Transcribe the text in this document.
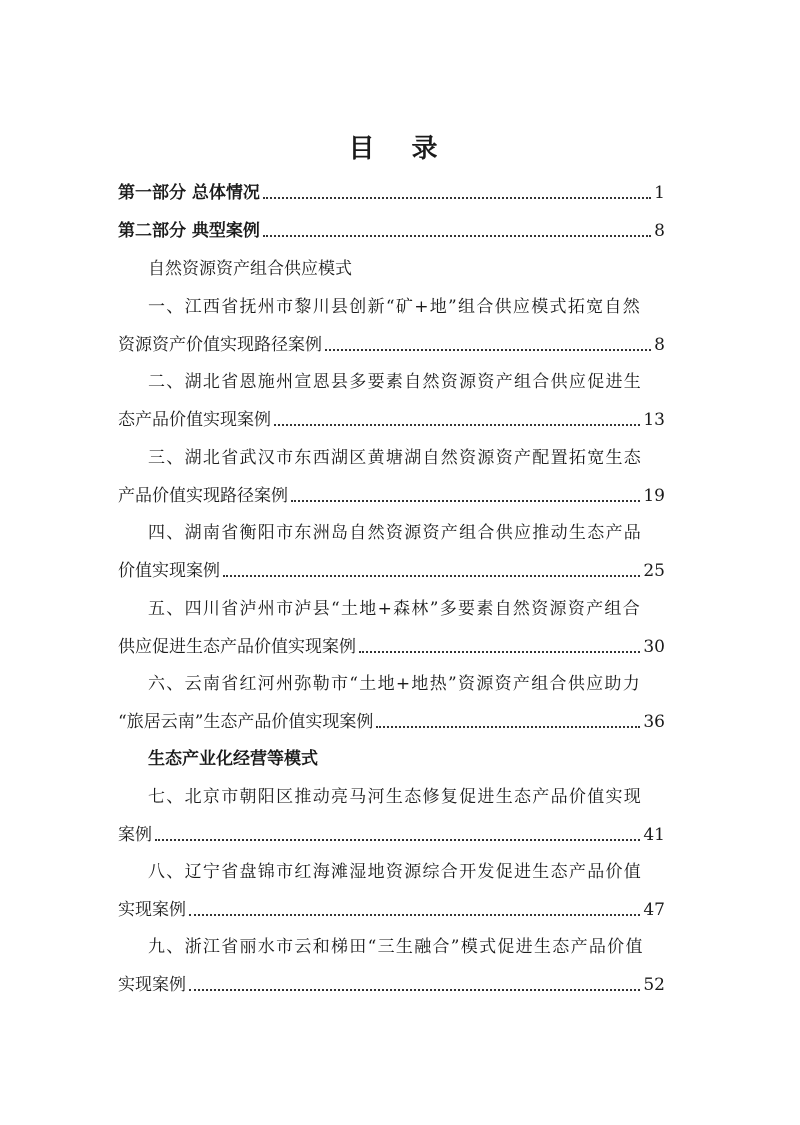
目 录
第一部分 总体情况	1
第二部分 典型案例	8
自然资源资产组合供应模式
一、江西省抚州市黎川县创新“矿+地”组合供应模式拓宽自然
资源资产价值实现路径案例	8
二、湖北省恩施州宣恩县多要素自然资源资产组合供应促进生
态产品价值实现案例	13
三、湖北省武汉市东西湖区黄塘湖自然资源资产配置拓宽生态
产品价值实现路径案例	19
四、湖南省衡阳市东洲岛自然资源资产组合供应推动生态产品
价值实现案例	25
五、四川省泸州市泸县“土地+森林”多要素自然资源资产组合
供应促进生态产品价值实现案例	30
六、云南省红河州弥勒市“土地+地热”资源资产组合供应助力
“旅居云南”生态产品价值实现案例	36
生态产业化经营等模式
七、北京市朝阳区推动亮马河生态修复促进生态产品价值实现
案例	41
八、辽宁省盘锦市红海滩湿地资源综合开发促进生态产品价值
实现案例	47
九、浙江省丽水市云和梯田“三生融合”模式促进生态产品价值
实现案例	52
